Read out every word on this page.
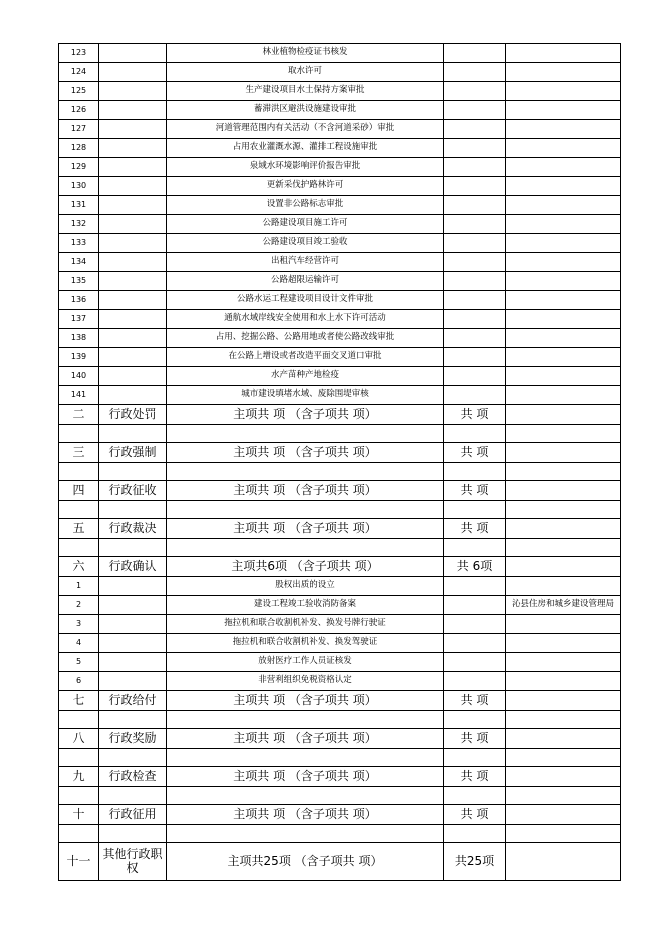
123		林业植物检疫证书核发		
124		取水许可		
125		生产建设项目水土保持方案审批		
126		蓄滞洪区避洪设施建设审批		
127		河道管理范围内有关活动（不含河道采砂）审批		
128		占用农业灌溉水源、灌排工程设施审批		
129		泉域水环境影响评价报告审批		
130		更新采伐护路林许可		
131		设置非公路标志审批		
132		公路建设项目施工许可		
133		公路建设项目竣工验收		
134		出租汽车经营许可		
135		公路超限运输许可		
136		公路水运工程建设项目设计文件审批		
137		通航水域岸线安全使用和水上水下许可活动		
138		占用、挖掘公路、公路用地或者使公路改线审批		
139		在公路上增设或者改造平面交叉道口审批		
140		水产苗种产地检疫		
141		城市建设填堵水域、废除围堤审核		
二	行政处罚	主项共 项 （含子项共 项）	共 项	

三	行政强制	主项共 项 （含子项共 项）	共 项	

四	行政征收	主项共 项 （含子项共 项）	共 项	

五	行政裁决	主项共 项 （含子项共 项）	共 项	

六	行政确认	主项共6项 （含子项共 项）	共 6项	
1		股权出质的设立		
2		建设工程竣工验收消防备案		沁县住房和城乡建设管理局
3		拖拉机和联合收割机补发、换发号牌行驶证		
4		拖拉机和联合收割机补发、换发驾驶证		
5		放射医疗工作人员证核发		
6		非营利组织免税资格认定		
七	行政给付	主项共 项 （含子项共 项）	共 项	

八	行政奖励	主项共 项 （含子项共 项）	共 项	

九	行政检查	主项共 项 （含子项共 项）	共 项	

十	行政征用	主项共 项 （含子项共 项）	共 项	

十一	其他行政职权	主项共25项 （含子项共 项）	共25项	
